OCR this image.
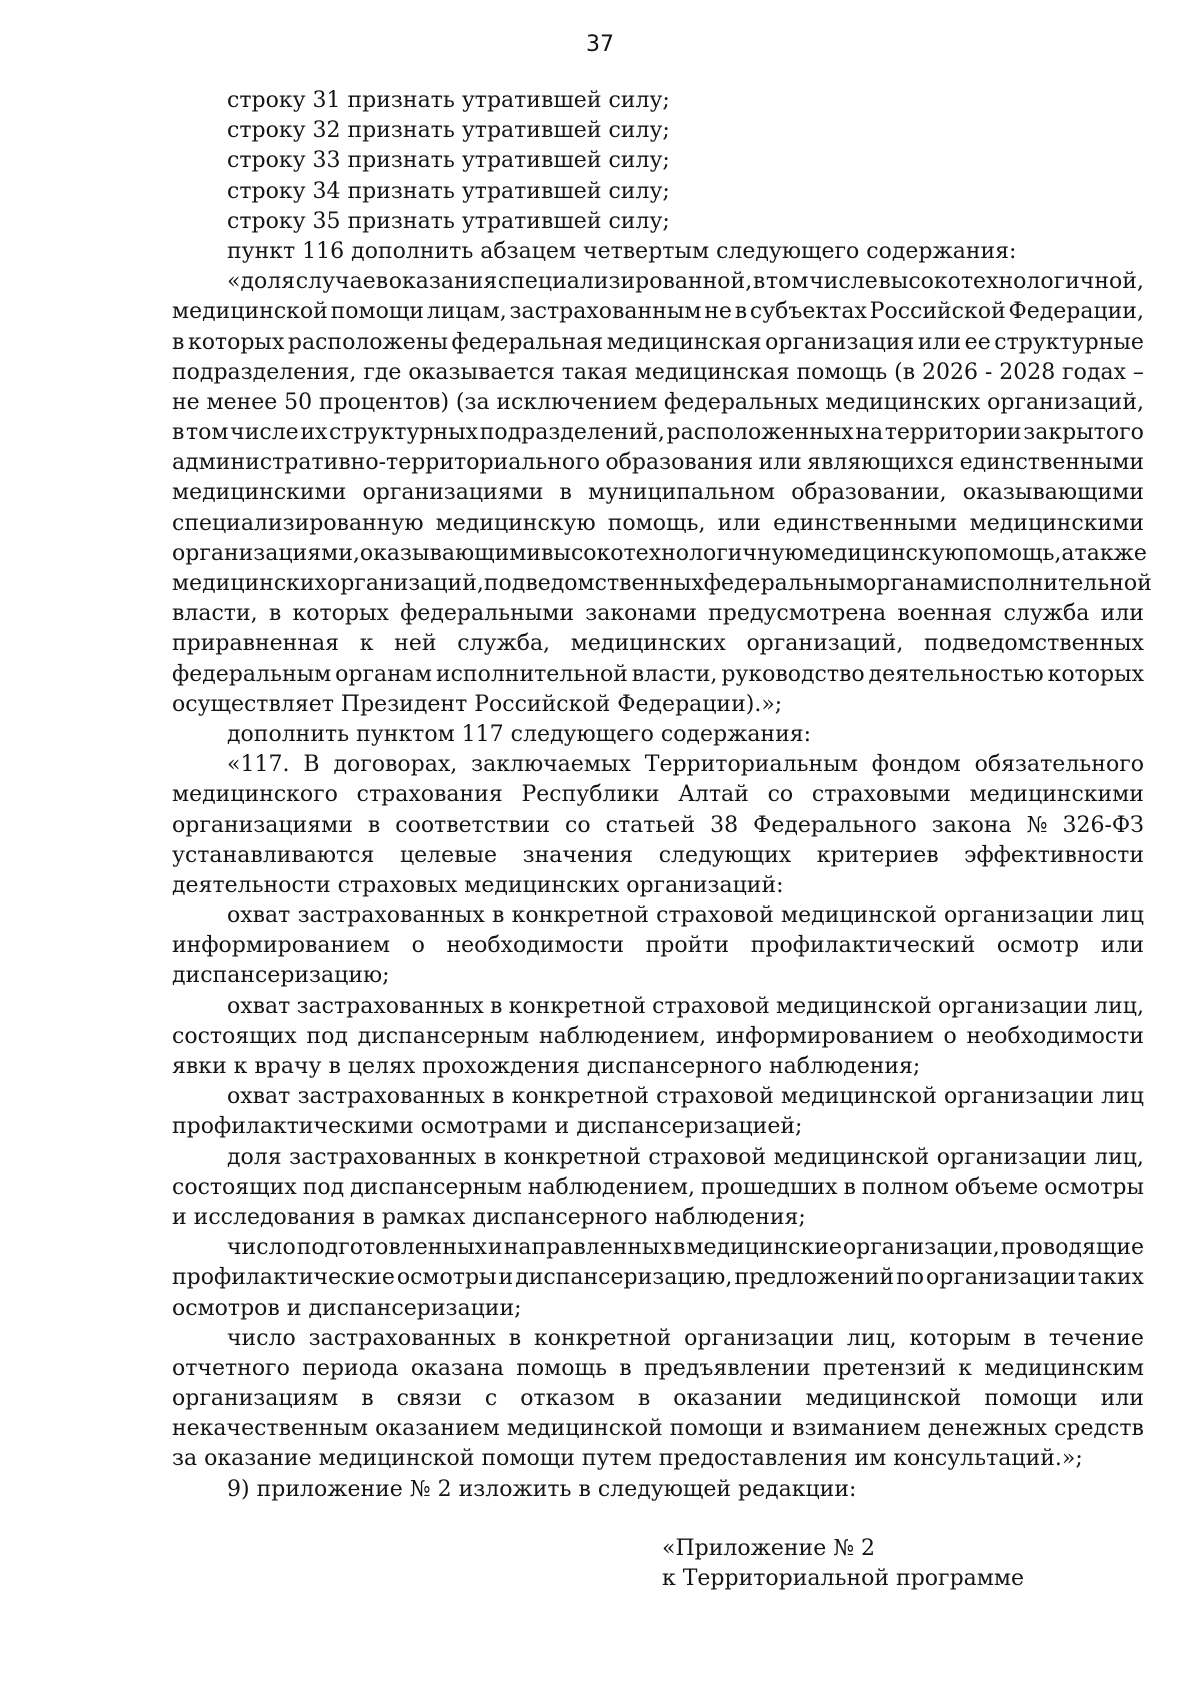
37
строку 31 признать утратившей силу;
строку 32 признать утратившей силу;
строку 33 признать утратившей силу;
строку 34 признать утратившей силу;
строку 35 признать утратившей силу;
пункт 116 дополнить абзацем четвертым следующего содержания:
«доля случаев оказания специализированной, в том числе высокотехнологичной,
медицинской помощи лицам, застрахованным не в субъектах Российской Федерации,
в которых расположены федеральная медицинская организация или ее структурные
подразделения, где оказывается такая медицинская помощь (в 2026 - 2028 годах –
не менее 50 процентов) (за исключением федеральных медицинских организаций,
в том числе их структурных подразделений, расположенных на территории закрытого
административно-территориального образования или являющихся единственными
медицинскими организациями в муниципальном образовании, оказывающими
специализированную медицинскую помощь, или единственными медицинскими
организациями, оказывающими высокотехнологичную медицинскую помощь, а также
медицинских организаций, подведомственных федеральным органам исполнительной
власти, в которых федеральными законами предусмотрена военная служба или
приравненная к ней служба, медицинских организаций, подведомственных
федеральным органам исполнительной власти, руководство деятельностью которых
осуществляет Президент Российской Федерации).»;
дополнить пунктом 117 следующего содержания:
«117. В договорах, заключаемых Территориальным фондом обязательного
медицинского страхования Республики Алтай со страховыми медицинскими
организациями в соответствии со статьей 38 Федерального закона № 326-ФЗ
устанавливаются целевые значения следующих критериев эффективности
деятельности страховых медицинских организаций:
охват застрахованных в конкретной страховой медицинской организации лиц
информированием о необходимости пройти профилактический осмотр или
диспансеризацию;
охват застрахованных в конкретной страховой медицинской организации лиц,
состоящих под диспансерным наблюдением, информированием о необходимости
явки к врачу в целях прохождения диспансерного наблюдения;
охват застрахованных в конкретной страховой медицинской организации лиц
профилактическими осмотрами и диспансеризацией;
доля застрахованных в конкретной страховой медицинской организации лиц,
состоящих под диспансерным наблюдением, прошедших в полном объеме осмотры
и исследования в рамках диспансерного наблюдения;
число подготовленных и направленных в медицинские организации, проводящие
профилактические осмотры и диспансеризацию, предложений по организации таких
осмотров и диспансеризации;
число застрахованных в конкретной организации лиц, которым в течение
отчетного периода оказана помощь в предъявлении претензий к медицинским
организациям в связи с отказом в оказании медицинской помощи или
некачественным оказанием медицинской помощи и взиманием денежных средств
за оказание медицинской помощи путем предоставления им консультаций.»;
9) приложение № 2 изложить в следующей редакции:
«Приложение № 2
к Территориальной программе
